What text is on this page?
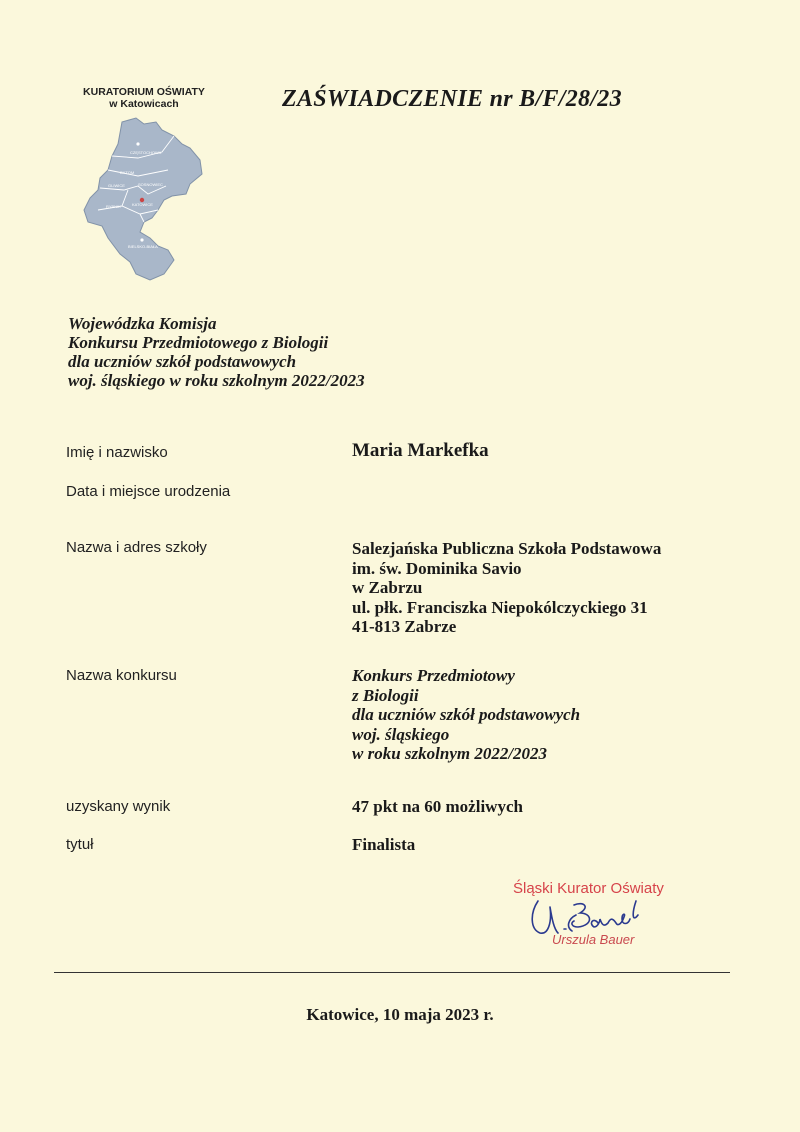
KURATORIUM OŚWIATY
w Katowicach
CZĘSTOCHOWA
BYTOM
SOSNOWIEC
GLIWICE
KATOWICE
RYBNIK
BIELSKO-BIAŁA
ZAŚWIADCZENIE nr B/F/28/23
Wojewódzka Komisja
Konkursu Przedmiotowego z Biologii
dla uczniów szkół podstawowych
woj. śląskiego w roku szkolnym 2022/2023
Imię i nazwisko	Maria Markefka
Data i miejsce urodzenia
Nazwa i adres szkoły	Salezjańska Publiczna Szkoła Podstawowa
im. św. Dominika Savio
w Zabrzu
ul. płk. Franciszka Niepokólczyckiego 31
41-813 Zabrze
Nazwa konkursu	Konkurs Przedmiotowy
z Biologii
dla uczniów szkół podstawowych
woj. śląskiego
w roku szkolnym 2022/2023
uzyskany wynik	47 pkt na 60 możliwych
tytuł	Finalista
Śląski Kurator Oświaty
Urszula Bauer
Katowice, 10 maja 2023 r.
